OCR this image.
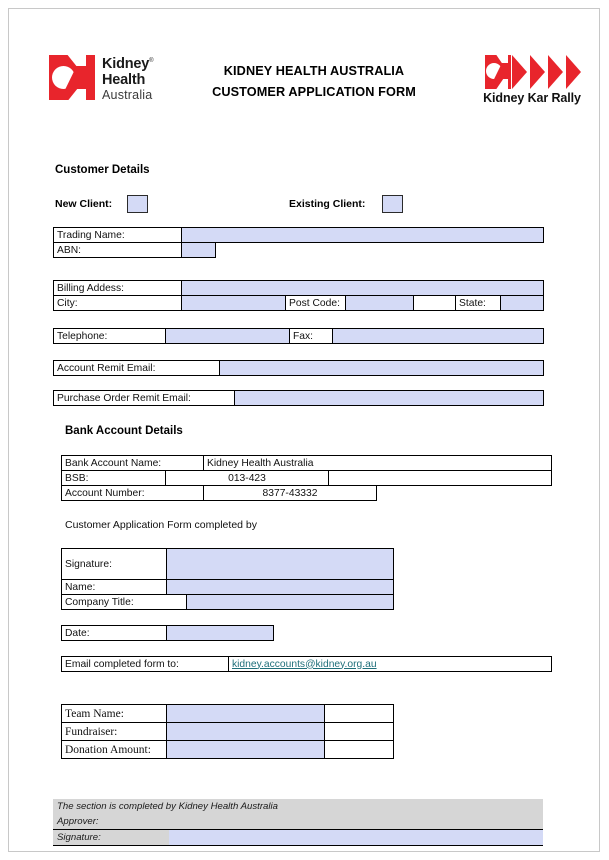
Kidney®
Health
Australia
KIDNEY HEALTH AUSTRALIA
CUSTOMER APPLICATION FORM	Kidney Kar Rally
Customer Details
New Client:	Existing Client:
Trading Name:		
ABN:		
Billing Addess:						
City:		Post Code:			State:	
Telephone:		Fax:	
Account Remit Email:	
Purchase Order Remit Email:	
Bank Account Details
Bank Account Name:		Kidney Health Australia		
BSB:	013-423			
Account Number:		8377-43332		
Customer Application Form completed by
Signature:		
Name:		
Company Title:		
Date:	
Email completed form to:	kidney.accounts@kidney.org.au
Team Name:		
Fundraiser:		
Donation Amount:		
The section is completed by Kidney Health Australia	
Approver:	
Signature:	
